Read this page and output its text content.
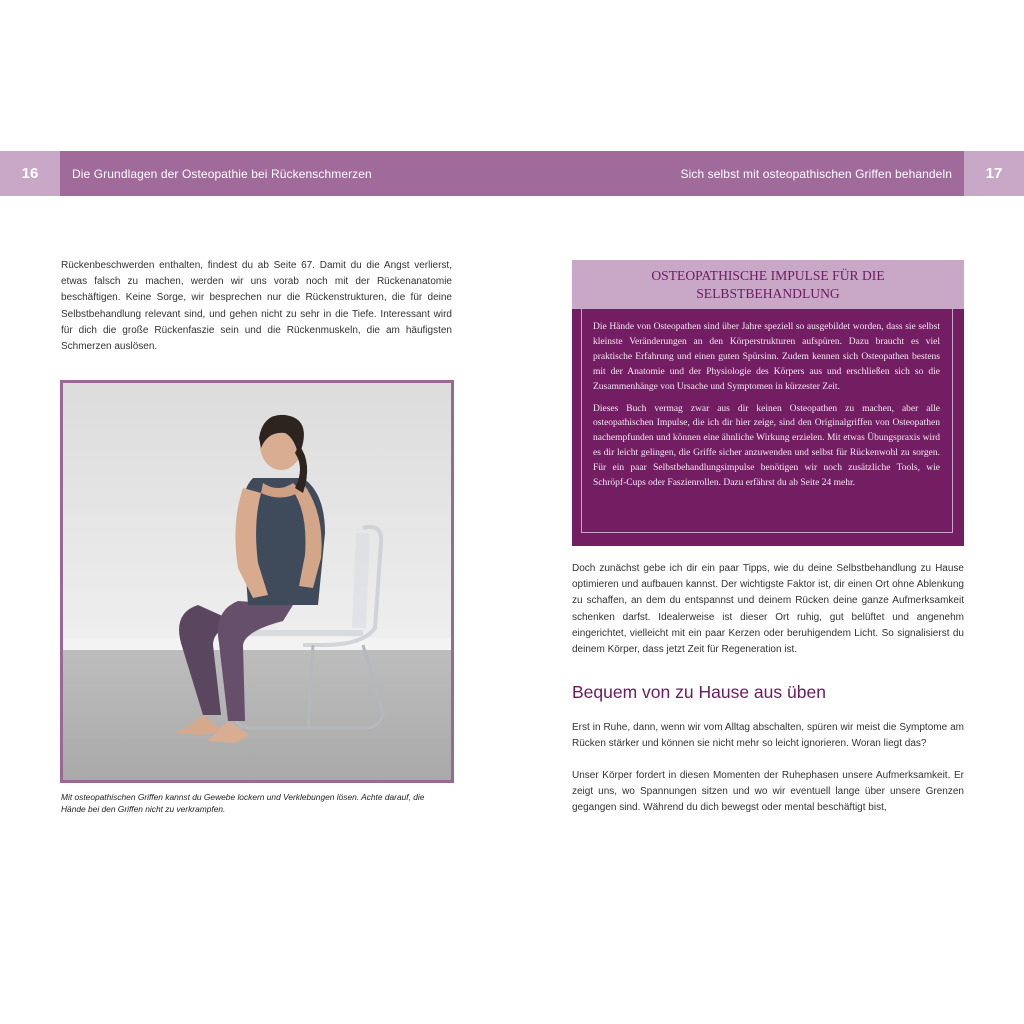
16	Die Grundlagen der Osteopathie bei Rückenschmerzen	Sich selbst mit osteopathischen Griffen behandeln	17
Rückenbeschwerden enthalten, findest du ab Seite 67. Damit du die Angst verlierst, etwas falsch zu machen, werden wir uns vorab noch mit der Rückenanatomie beschäftigen. Keine Sorge, wir besprechen nur die Rückenstrukturen, die für deine Selbstbehandlung relevant sind, und gehen nicht zu sehr in die Tiefe. Interessant wird für dich die große Rückenfaszie sein und die Rückenmuskeln, die am häufigsten Schmerzen auslösen.
Mit osteopathischen Griffen kannst du Gewebe lockern und Verklebungen lösen. Achte darauf, die Hände bei den Griffen nicht zu verkrampfen.
OSTEOPATHISCHE IMPULSE FÜR DIE
SELBSTBEHANDLUNG

Die Hände von Osteopathen sind über Jahre speziell so ausgebildet worden, dass sie selbst kleinste Veränderungen an den Körperstrukturen aufspüren. Dazu braucht es viel praktische Erfahrung und einen guten Spürsinn. Zudem kennen sich Osteopathen bestens mit der Anatomie und der Physiologie des Körpers aus und erschließen sich so die Zusammenhänge von Ursache und Symptomen in kürzester Zeit.

Dieses Buch vermag zwar aus dir keinen Osteopathen zu machen, aber alle osteopathischen Impulse, die ich dir hier zeige, sind den Originalgriffen von Osteopathen nachempfunden und können eine ähnliche Wirkung erzielen. Mit etwas Übungspraxis wird es dir leicht gelingen, die Griffe sicher anzuwenden und selbst für Rückenwohl zu sorgen. Für ein paar Selbstbehandlungsimpulse benötigen wir noch zusätzliche Tools, wie Schröpf-Cups oder Faszienrollen. Dazu erfährst du ab Seite 24 mehr.

Doch zunächst gebe ich dir ein paar Tipps, wie du deine Selbstbehandlung zu Hause optimieren und aufbauen kannst. Der wichtigste Faktor ist, dir einen Ort ohne Ablenkung zu schaffen, an dem du entspannst und deinem Rücken deine ganze Aufmerksamkeit schenken darfst. Idealerweise ist dieser Ort ruhig, gut belüftet und angenehm eingerichtet, vielleicht mit ein paar Kerzen oder beruhigendem Licht. So signalisierst du deinem Körper, dass jetzt Zeit für Regeneration ist.
Bequem von zu Hause aus üben
Erst in Ruhe, dann, wenn wir vom Alltag abschalten, spüren wir meist die Symptome am Rücken stärker und können sie nicht mehr so leicht ignorieren. Woran liegt das?
Unser Körper fordert in diesen Momenten der Ruhephasen unsere Aufmerksamkeit. Er zeigt uns, wo Spannungen sitzen und wo wir eventuell lange über unsere Grenzen gegangen sind. Während du dich bewegst oder mental beschäftigt bist,
